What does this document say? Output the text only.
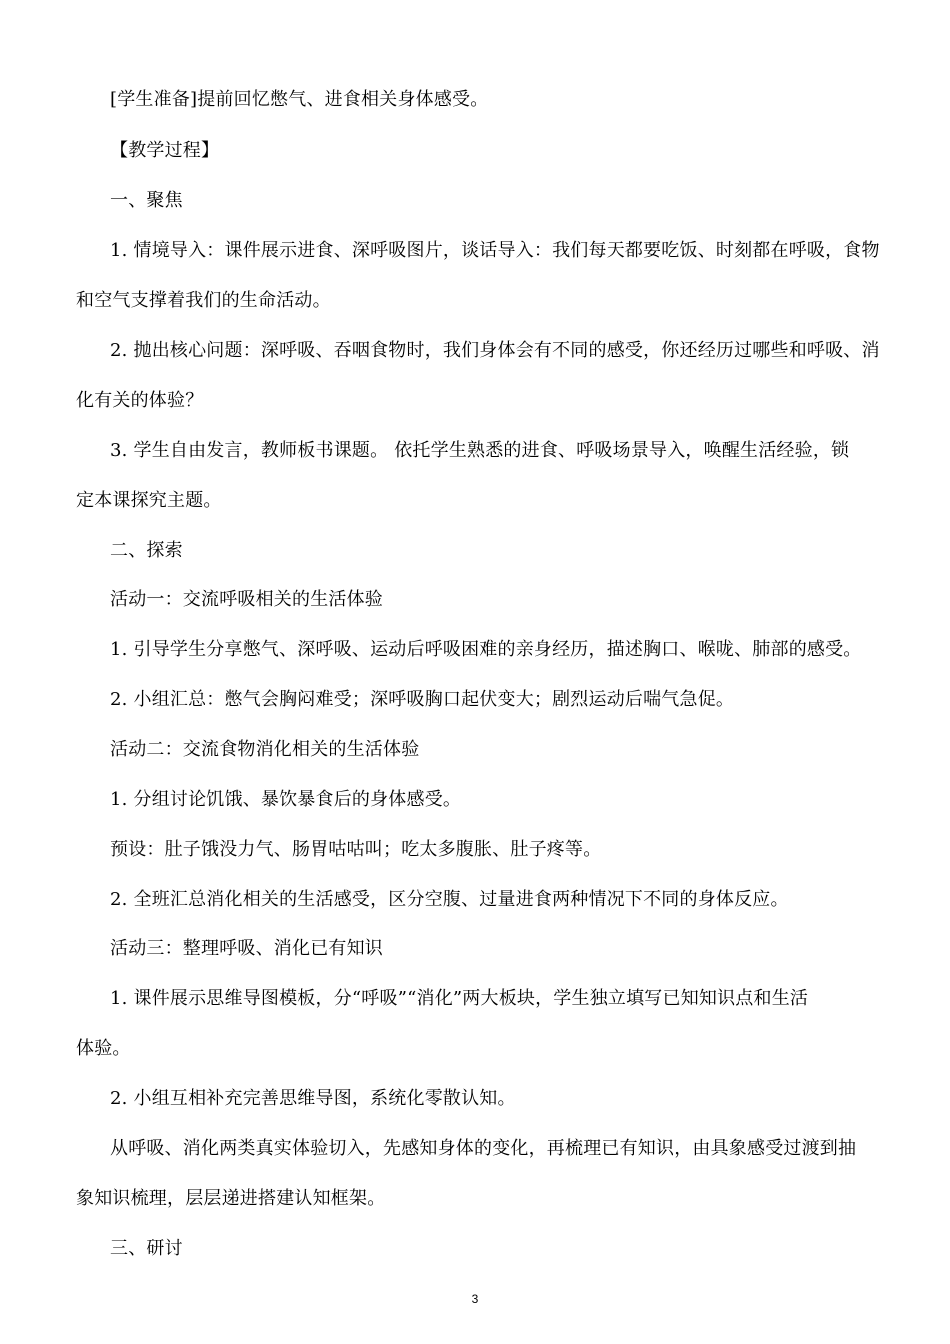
[学生准备]提前回忆憋气、进食相关身体感受。
【教学过程】
一、聚焦
1. 情境导入：课件展示进食、深呼吸图片，谈话导入：我们每天都要吃饭、时刻都在呼吸，食物
和空气支撑着我们的生命活动。
2. 抛出核心问题：深呼吸、吞咽食物时，我们身体会有不同的感受，你还经历过哪些和呼吸、消
化有关的体验？
3. 学生自由发言，教师板书课题。 依托学生熟悉的进食、呼吸场景导入，唤醒生活经验，锁
定本课探究主题。
二、探索
活动一：交流呼吸相关的生活体验
1. 引导学生分享憋气、深呼吸、运动后呼吸困难的亲身经历，描述胸口、喉咙、肺部的感受。
2. 小组汇总：憋气会胸闷难受；深呼吸胸口起伏变大；剧烈运动后喘气急促。
活动二：交流食物消化相关的生活体验
1. 分组讨论饥饿、暴饮暴食后的身体感受。
预设：肚子饿没力气、肠胃咕咕叫；吃太多腹胀、肚子疼等。
2. 全班汇总消化相关的生活感受，区分空腹、过量进食两种情况下不同的身体反应。
活动三：整理呼吸、消化已有知识
1. 课件展示思维导图模板，分“呼吸”“消化”两大板块，学生独立填写已知知识点和生活
体验。
2. 小组互相补充完善思维导图，系统化零散认知。
从呼吸、消化两类真实体验切入，先感知身体的变化，再梳理已有知识，由具象感受过渡到抽
象知识梳理，层层递进搭建认知框架。
三、研讨
3
